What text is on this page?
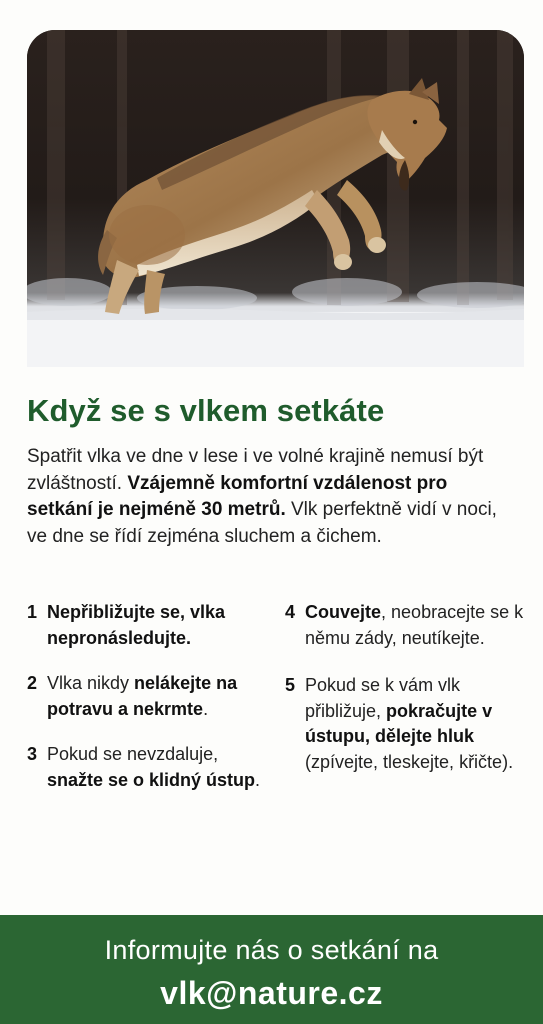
Když se s vlkem setkáte

Spatřit vlka ve dne v lese i ve volné krajině nemusí být zvláštností. Vzájemně komfortní vzdálenost pro setkání je nejméně 30 metrů. Vlk perfektně vidí v noci, ve dne se řídí zejména sluchem a čichem.

1 Nepřibližujte se, vlka nepronásledujte.
2 Vlka nikdy nelákejte na potravu a nekrmte.
3 Pokud se nevzdaluje, snažte se o klidný ústup.
4 Couvejte, neobracejte se k němu zády, neutíkejte.
5 Pokud se k vám vlk přibližuje, pokračujte v ústupu, dělejte hluk (zpívejte, tleskejte, křičte).
Informujte nás o setkání na
vlk@nature.cz
